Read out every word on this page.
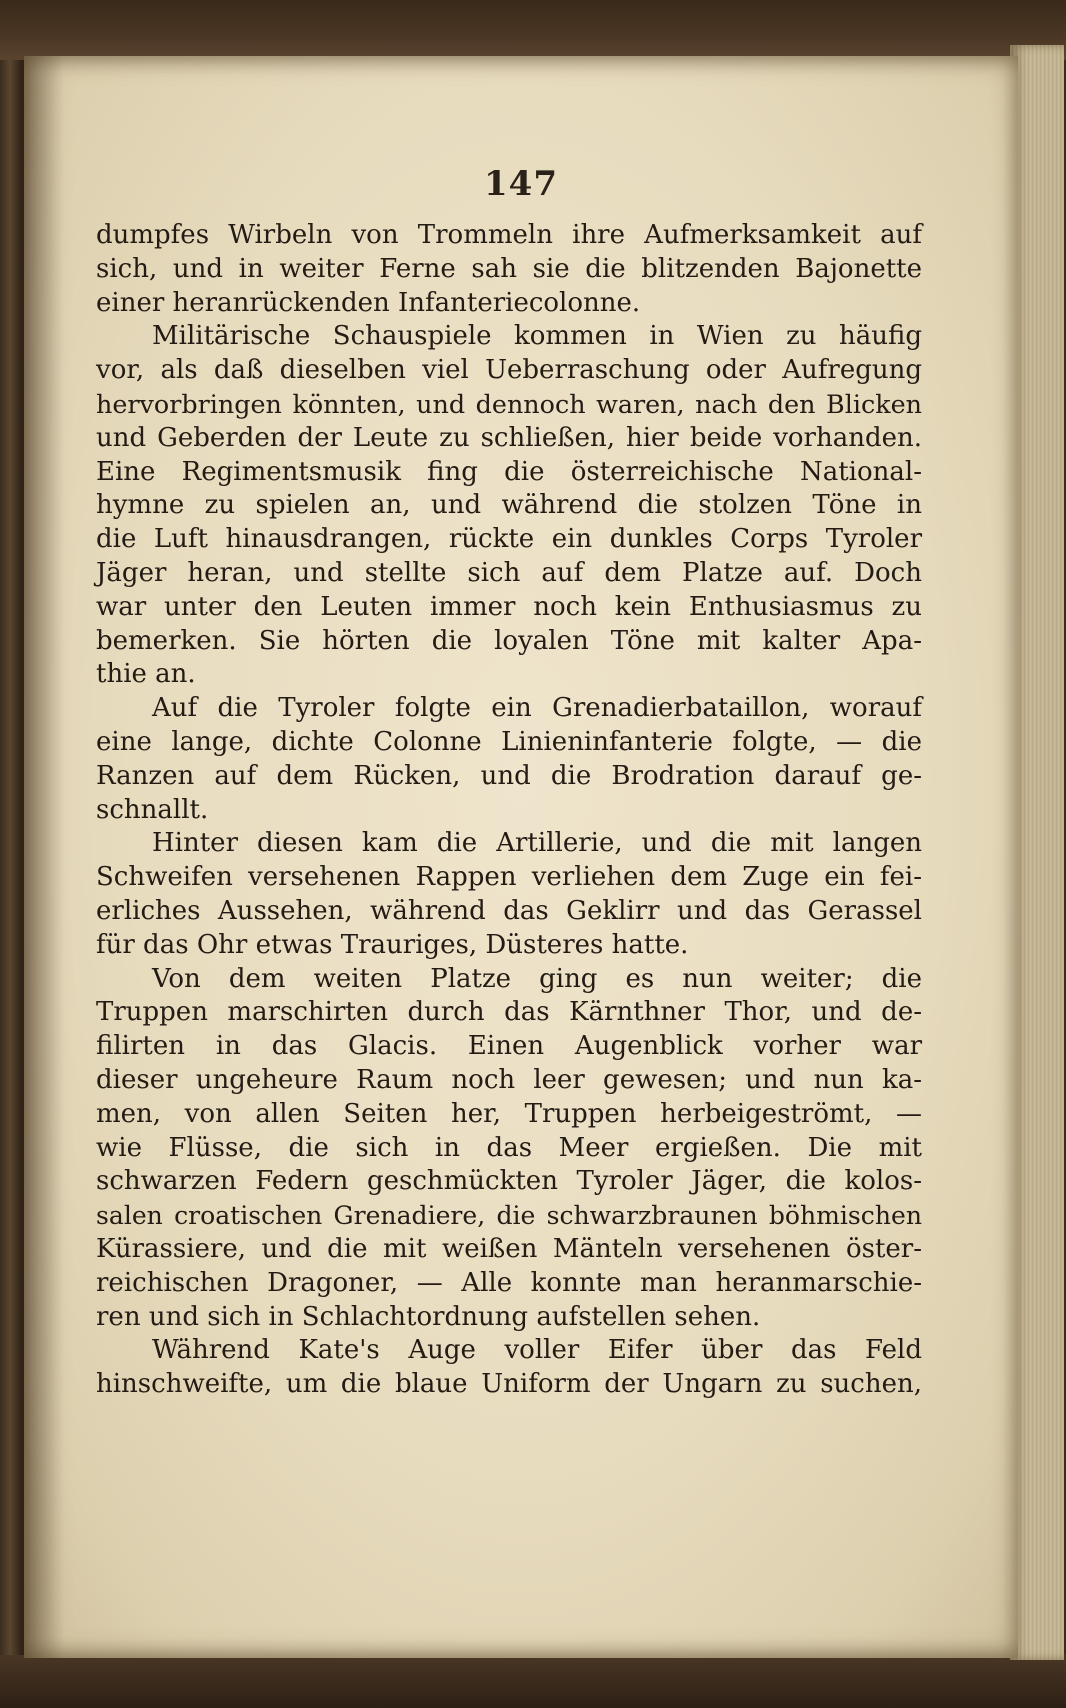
147
dumpfes Wirbeln von Trommeln ihre Aufmerksamkeit auf
sich, und in weiter Ferne sah sie die blitzenden Bajonette
einer heranrückenden Infanteriecolonne.
Militärische Schauspiele kommen in Wien zu häufig
vor, als daß dieselben viel Ueberraschung oder Aufregung
hervorbringen könnten, und dennoch waren, nach den Blicken
und Geberden der Leute zu schließen, hier beide vorhanden.
Eine Regimentsmusik fing die österreichische National-
hymne zu spielen an, und während die stolzen Töne in
die Luft hinausdrangen, rückte ein dunkles Corps Tyroler
Jäger heran, und stellte sich auf dem Platze auf. Doch
war unter den Leuten immer noch kein Enthusiasmus zu
bemerken. Sie hörten die loyalen Töne mit kalter Apa-
thie an.
Auf die Tyroler folgte ein Grenadierbataillon, worauf
eine lange, dichte Colonne Linieninfanterie folgte, — die
Ranzen auf dem Rücken, und die Brodration darauf ge-
schnallt.
Hinter diesen kam die Artillerie, und die mit langen
Schweifen versehenen Rappen verliehen dem Zuge ein fei-
erliches Aussehen, während das Geklirr und das Gerassel
für das Ohr etwas Trauriges, Düsteres hatte.
Von dem weiten Platze ging es nun weiter; die
Truppen marschirten durch das Kärnthner Thor, und de-
filirten in das Glacis. Einen Augenblick vorher war
dieser ungeheure Raum noch leer gewesen; und nun ka-
men, von allen Seiten her, Truppen herbeigeströmt, —
wie Flüsse, die sich in das Meer ergießen. Die mit
schwarzen Federn geschmückten Tyroler Jäger, die kolos-
salen croatischen Grenadiere, die schwarzbraunen böhmischen
Kürassiere, und die mit weißen Mänteln versehenen öster-
reichischen Dragoner, — Alle konnte man heranmarschie-
ren und sich in Schlachtordnung aufstellen sehen.
Während Kate's Auge voller Eifer über das Feld
hinschweifte, um die blaue Uniform der Ungarn zu suchen,
